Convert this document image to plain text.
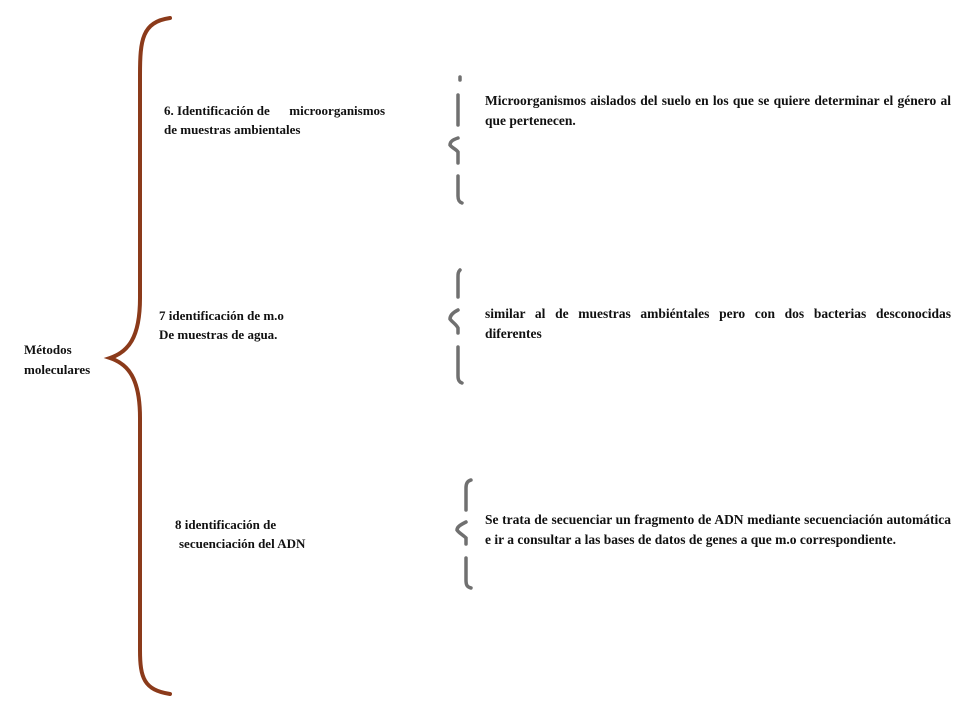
Métodos
moleculares

6. Identificación de      microorganismos
de muestras ambientales

7 identificación de m.o
De muestras de agua.

8 identificación de
secuenciación del ADN

Microorganismos aislados del suelo en los que se quiere determinar el género al que pertenecen.

similar al de muestras ambiéntales pero con dos bacterias desconocidas diferentes

Se trata de secuenciar un fragmento de ADN mediante secuenciación automática e ir a consultar a las bases de datos de genes a que m.o correspondiente.
